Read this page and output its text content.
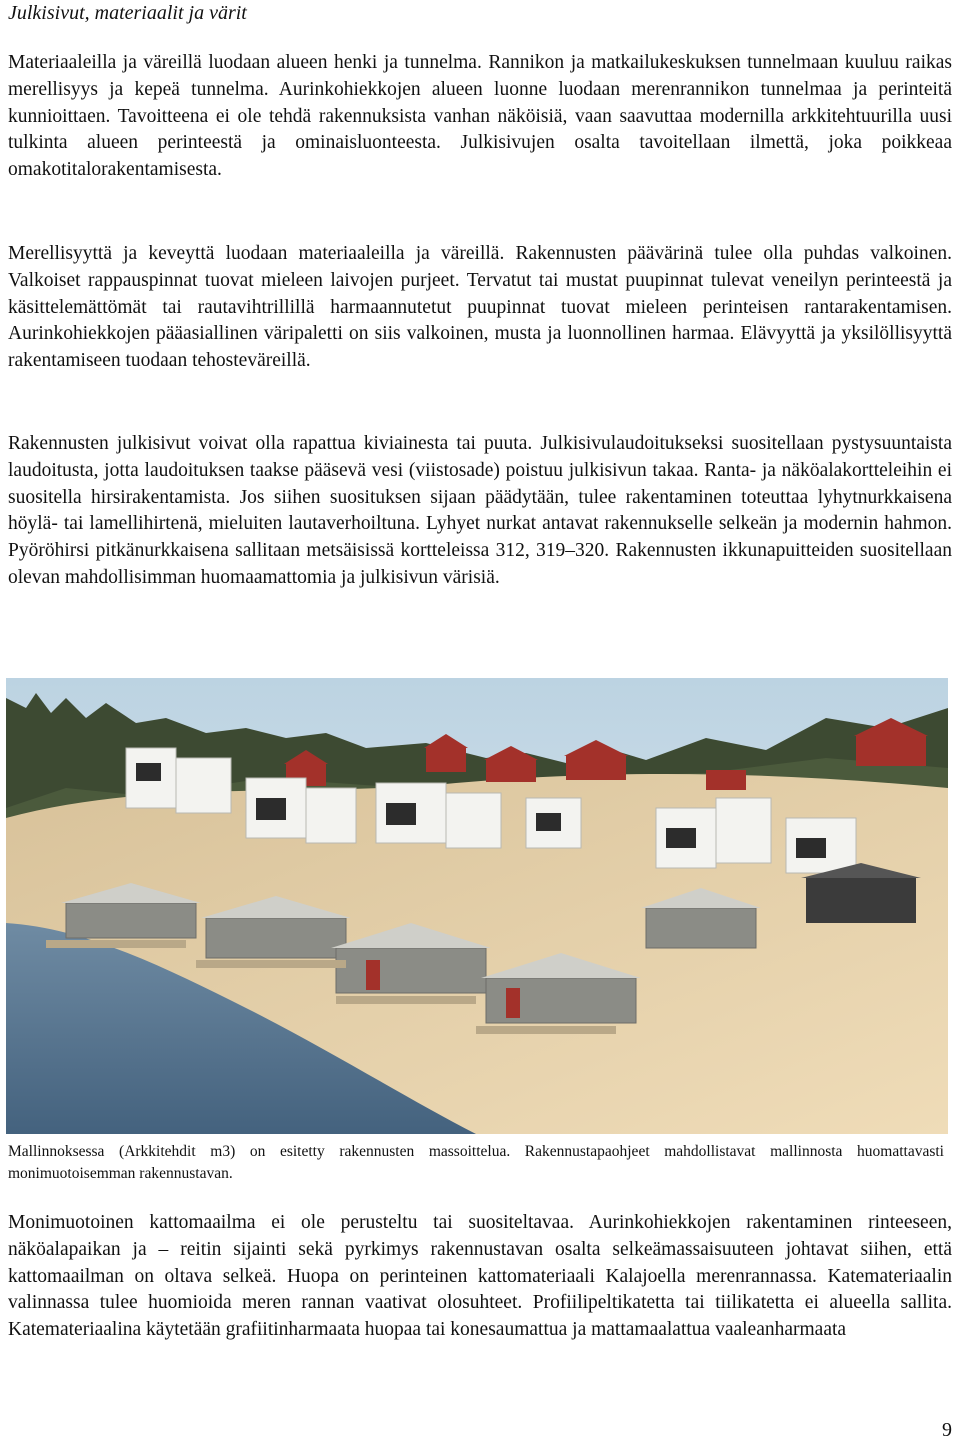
Julkisivut, materiaalit ja värit
Materiaaleilla ja väreillä luodaan alueen henki ja tunnelma. Rannikon ja matkailukeskuksen tunnelmaan kuuluu raikas merellisyys ja kepeä tunnelma. Aurinkohiekkojen alueen luonne luodaan merenrannikon tunnelmaa ja perinteitä kunnioittaen. Tavoitteena ei ole tehdä rakennuksista vanhan näköisiä, vaan saavuttaa modernilla arkkitehtuurilla uusi tulkinta alueen perinteestä ja ominaisluonteesta. Julkisivujen osalta tavoitellaan ilmettä, joka poikkeaa omakotitalorakentamisesta.
Merellisyyttä ja keveyttä luodaan materiaaleilla ja väreillä. Rakennusten päävärinä tulee olla puhdas valkoinen. Valkoiset rappauspinnat tuovat mieleen laivojen purjeet. Tervatut tai mustat puupinnat tulevat veneilyn perinteestä ja käsittelemättömät tai rautavihtrillillä harmaannutetut puupinnat tuovat mieleen perinteisen rantarakentamisen. Aurinkohiekkojen pääasiallinen väripaletti on siis valkoinen, musta ja luonnollinen harmaa. Elävyyttä ja yksilöllisyyttä rakentamiseen tuodaan tehosteväreillä.
Rakennusten julkisivut voivat olla rapattua kiviainesta tai puuta. Julkisivulaudoitukseksi suositellaan pystysuuntaista laudoitusta, jotta laudoituksen taakse pääsevä vesi (viistosade) poistuu julkisivun takaa. Ranta- ja näköalakortteleihin ei suositella hirsirakentamista. Jos siihen suosituksen sijaan päädytään, tulee rakentaminen toteuttaa lyhytnurkkaisena höylä- tai lamellihirtenä, mieluiten lautaverhoiltuna. Lyhyet nurkat antavat rakennukselle selkeän ja modernin hahmon. Pyöröhirsi pitkänurkkaisena sallitaan metsäisissä kortteleissa 312, 319–320. Rakennusten ikkunapuitteiden suositellaan olevan mahdollisimman huomaamattomia ja julkisivun värisiä.
Mallinnoksessa (Arkkitehdit m3) on esitetty rakennusten massoittelua. Rakennustapaohjeet mahdollistavat mallinnosta huomattavasti monimuotoisemman rakennustavan.
Monimuotoinen kattomaailma ei ole perusteltu tai suositeltavaa. Aurinkohiekkojen rakentaminen rinteeseen, näköalapaikan ja – reitin sijainti sekä pyrkimys rakennustavan osalta selkeämassaisuuteen johtavat siihen, että kattomaailman on oltava selkeä. Huopa on perinteinen kattomateriaali Kalajoella merenrannassa. Katemateriaalin valinnassa tulee huomioida meren rannan vaativat olosuhteet. Profiilipeltikatetta tai tiilikatetta ei alueella sallita. Katemateriaalina käytetään grafiitinharmaata huopaa tai konesaumattua ja mattamaalattua vaaleanharmaata
9
